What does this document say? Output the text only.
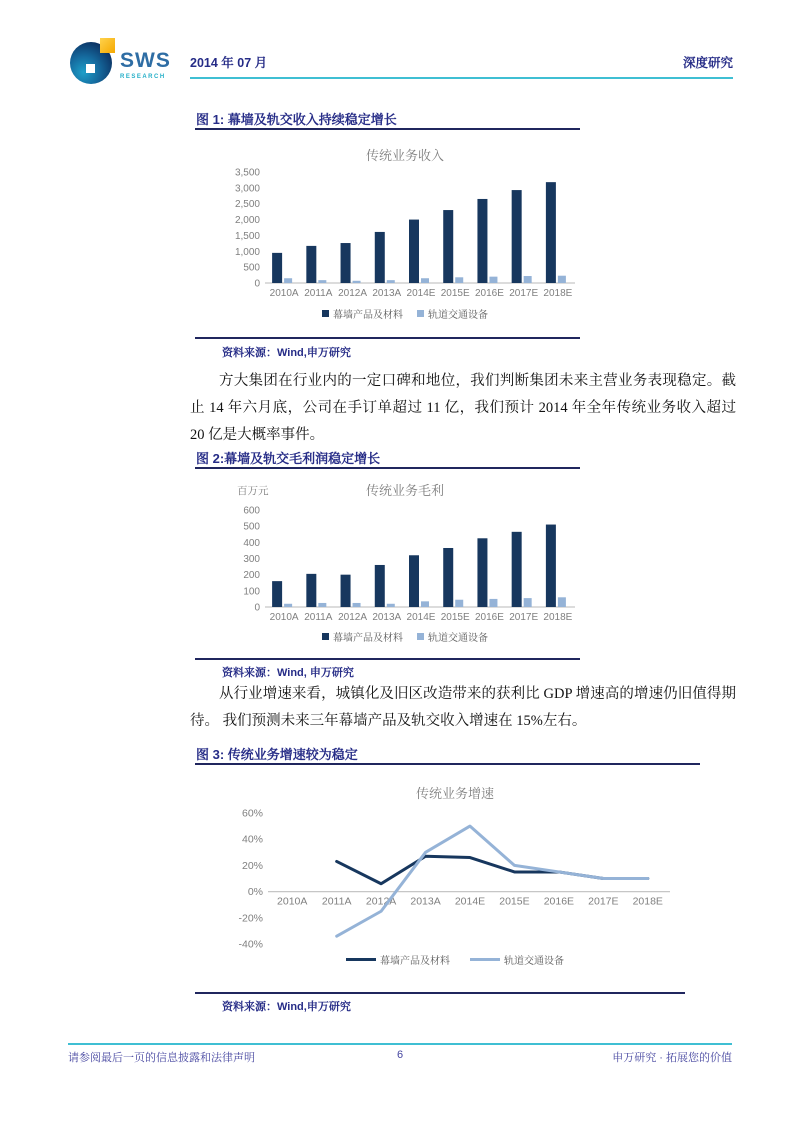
SWS
RESEARCH
2014 年 07 月	深度研究
图 1: 幕墙及轨交收入持续稳定增长
传统业务收入
0
500
1,000
1,500
2,000
2,500
3,000
3,500
2010A 2011A 2012A 2013A 2014E 2015E 2016E 2017E 2018E
幕墙产品及材料	轨道交通设备
资料来源：Wind,申万研究
方大集团在行业内的一定口碑和地位，我们判断集团未来主营业务表现稳定。截止 14 年六月底，公司在手订单超过 11 亿，我们预计 2014 年全年传统业务收入超过 20 亿是大概率事件。
图 2:幕墙及轨交毛利润稳定增长
百万元	传统业务毛利
0
100
200
300
400
500
600
2010A 2011A 2012A 2013A 2014E 2015E 2016E 2017E 2018E
幕墙产品及材料	轨道交通设备
资料来源：Wind, 申万研究
从行业增速来看，城镇化及旧区改造带来的获利比 GDP 增速高的增速仍旧值得期待。 我们预测未来三年幕墙产品及轨交收入增速在 15%左右。
图 3: 传统业务增速较为稳定
传统业务增速
-40%
-20%
0%
20%
40%
60%
2010A 2011A 2012A 2013A 2014E 2015E 2016E 2017E 2018E
幕墙产品及材料	轨道交通设备
资料来源：Wind,申万研究
请参阅最后一页的信息披露和法律声明	6	申万研究 · 拓展您的价值
